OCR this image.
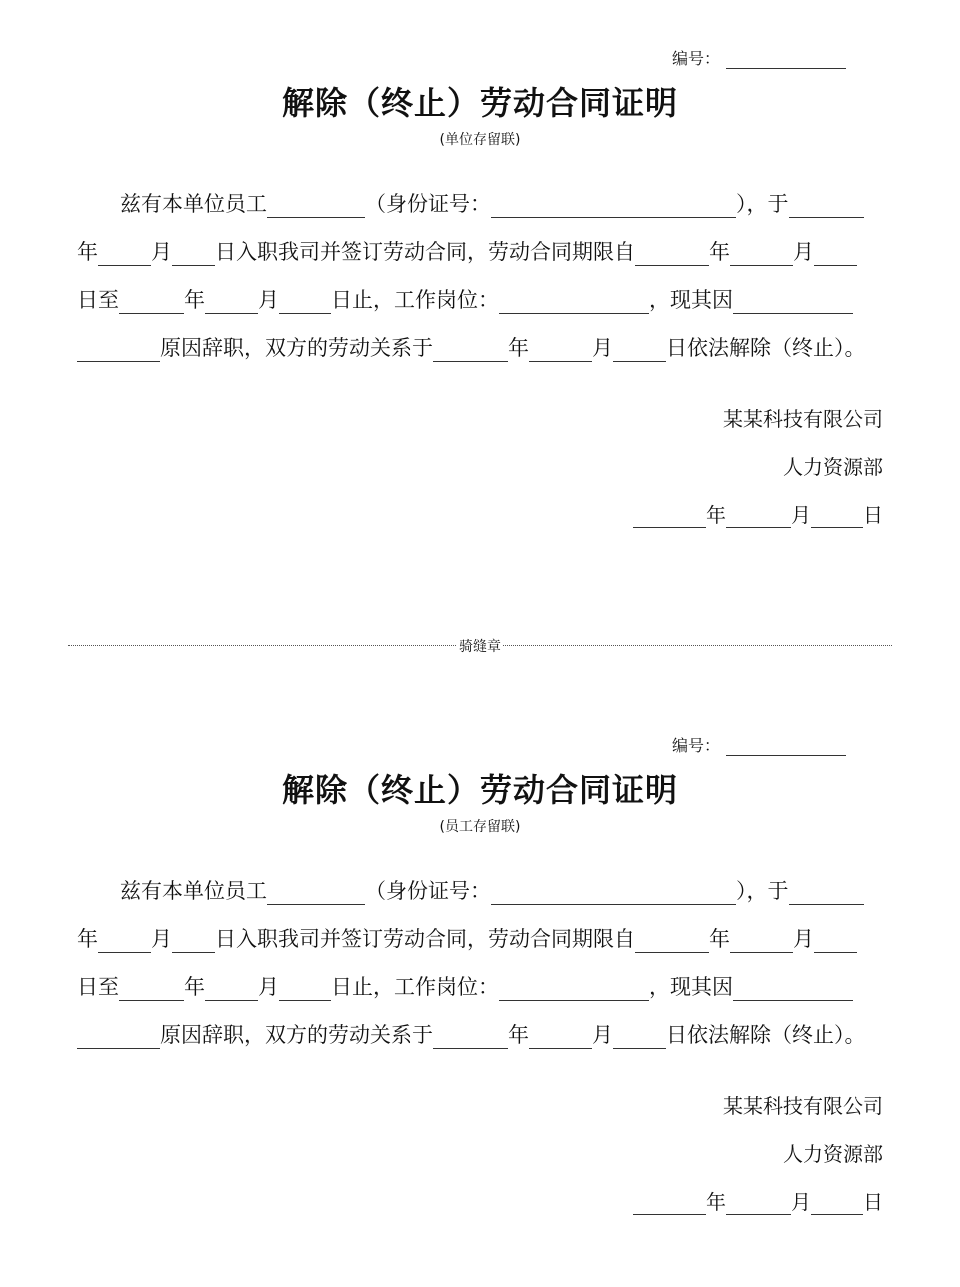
骑缝章
编号：
解除（终止）劳动合同证明
(单位存留联)
兹有本单位员工	（身份证号：	），于
年	月 日入职我司并签订劳动合同，劳动合同期限自	年	月
日至	年	月 日止，工作岗位：	，现其因
原因辞职，双方的劳动关系于	年	月	日依法解除（终止）。
某某科技有限公司
人力资源部
年	月	日
编号：
解除（终止）劳动合同证明
(员工存留联)
兹有本单位员工	（身份证号：	），于
年	月 日入职我司并签订劳动合同，劳动合同期限自	年	月
日至	年	月 日止，工作岗位：	，现其因
原因辞职，双方的劳动关系于	年	月	日依法解除（终止）。
某某科技有限公司
人力资源部
年	月	日
